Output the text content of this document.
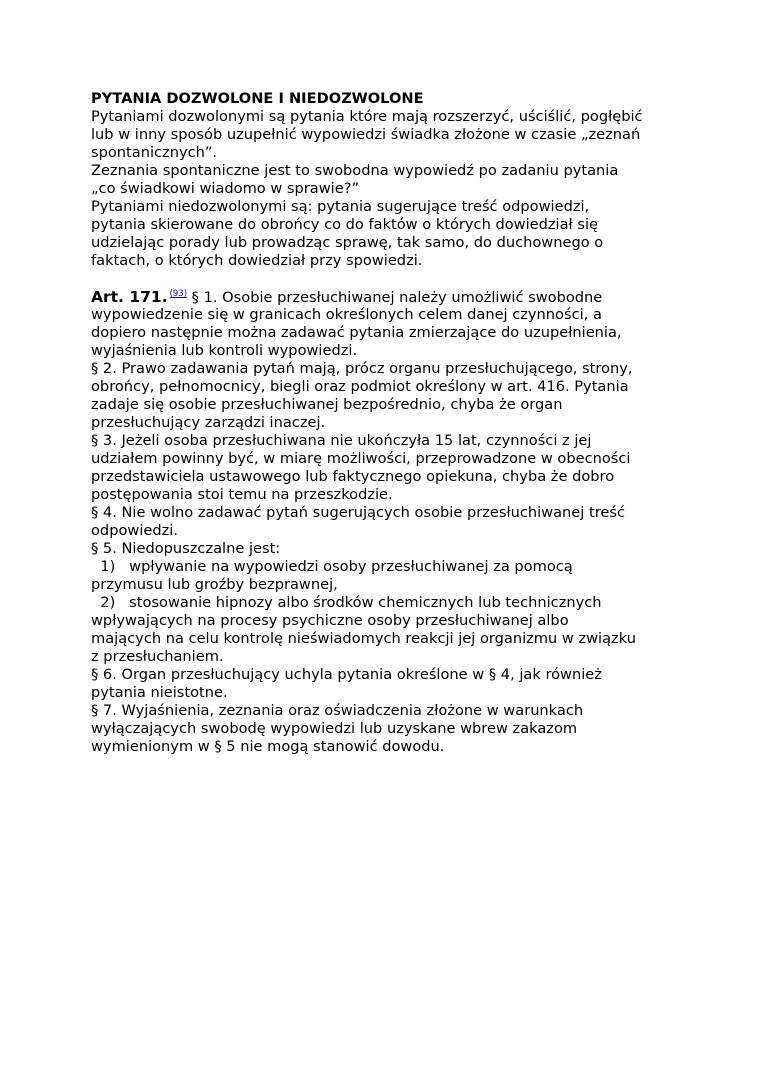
PYTANIA DOZWOLONE I NIEDOZWOLONE
Pytaniami dozwolonymi są pytania które mają rozszerzyć, uściślić, pogłębić
lub w inny sposób uzupełnić wypowiedzi świadka złożone w czasie „zeznań
spontanicznych”.
Zeznania spontaniczne jest to swobodna wypowiedź po zadaniu pytania
„co świadkowi wiadomo w sprawie?”
Pytaniami niedozwolonymi są: pytania sugerujące treść odpowiedzi,
pytania skierowane do obrońcy co do faktów o których dowiedział się
udzielając porady lub prowadząc sprawę, tak samo, do duchownego o
faktach, o których dowiedział przy spowiedzi.
Art. 171. $^{(93)}$ § 1. Osobie przesłuchiwanej należy umożliwić swobodne
wypowiedzenie się w granicach określonych celem danej czynności, a
dopiero następnie można zadawać pytania zmierzające do uzupełnienia,
wyjaśnienia lub kontroli wypowiedzi.
§ 2. Prawo zadawania pytań mają, prócz organu przesłuchującego, strony,
obrońcy, pełnomocnicy, biegli oraz podmiot określony w art. 416. Pytania
zadaje się osobie przesłuchiwanej bezpośrednio, chyba że organ
przesłuchujący zarządzi inaczej.
§ 3. Jeżeli osoba przesłuchiwana nie ukończyła 15 lat, czynności z jej
udziałem powinny być, w miarę możliwości, przeprowadzone w obecności
przedstawiciela ustawowego lub faktycznego opiekuna, chyba że dobro
postępowania stoi temu na przeszkodzie.
§ 4. Nie wolno zadawać pytań sugerujących osobie przesłuchiwanej treść
odpowiedzi.
§ 5. Niedopuszczalne jest:
1)   wpływanie na wypowiedzi osoby przesłuchiwanej za pomocą
przymusu lub groźby bezprawnej,
2)   stosowanie hipnozy albo środków chemicznych lub technicznych
wpływających na procesy psychiczne osoby przesłuchiwanej albo
mających na celu kontrolę nieświadomych reakcji jej organizmu w związku
z przesłuchaniem.
§ 6. Organ przesłuchujący uchyla pytania określone w § 4, jak również
pytania nieistotne.
§ 7. Wyjaśnienia, zeznania oraz oświadczenia złożone w warunkach
wyłączających swobodę wypowiedzi lub uzyskane wbrew zakazom
wymienionym w § 5 nie mogą stanowić dowodu.
